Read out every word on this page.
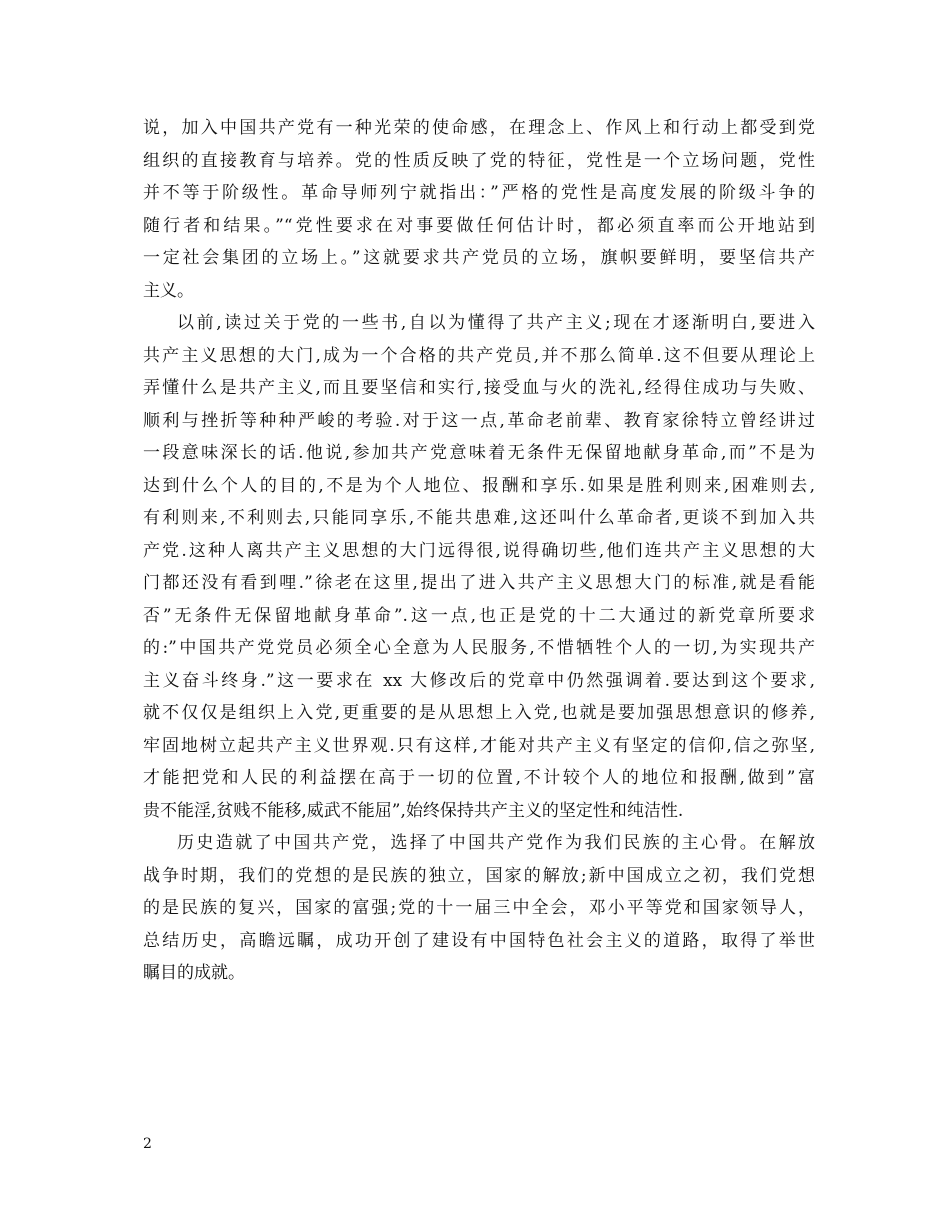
说，加入中国共产党有一种光荣的使命感，在理念上、作风上和行动上都受到党
组织的直接教育与培养。党的性质反映了党的特征，党性是一个立场问题，党性
并不等于阶级性。革命导师列宁就指出：”严格的党性是高度发展的阶级斗争的
随行者和结果。”“党性要求在对事要做任何估计时，都必须直率而公开地站到
一定社会集团的立场上。”这就要求共产党员的立场，旗帜要鲜明，要坚信共产
主义。
以前,读过关于党的一些书,自以为懂得了共产主义;现在才逐渐明白,要进入
共产主义思想的大门,成为一个合格的共产党员,并不那么简单.这不但要从理论上
弄懂什么是共产主义,而且要坚信和实行,接受血与火的洗礼,经得住成功与失败、
顺利与挫折等种种严峻的考验.对于这一点,革命老前辈、教育家徐特立曾经讲过
一段意味深长的话.他说,参加共产党意味着无条件无保留地献身革命,而”不是为
达到什么个人的目的,不是为个人地位、报酬和享乐.如果是胜利则来,困难则去,
有利则来,不利则去,只能同享乐,不能共患难,这还叫什么革命者,更谈不到加入共
产党.这种人离共产主义思想的大门远得很,说得确切些,他们连共产主义思想的大
门都还没有看到哩.”徐老在这里,提出了进入共产主义思想大门的标准,就是看能
否”无条件无保留地献身革命”.这一点,也正是党的十二大通过的新党章所要求
的:”中国共产党党员必须全心全意为人民服务,不惜牺牲个人的一切,为实现共产
主义奋斗终身.”这一要求在 xx 大修改后的党章中仍然强调着.要达到这个要求,
就不仅仅是组织上入党,更重要的是从思想上入党,也就是要加强思想意识的修养,
牢固地树立起共产主义世界观.只有这样,才能对共产主义有坚定的信仰,信之弥坚,
才能把党和人民的利益摆在高于一切的位置,不计较个人的地位和报酬,做到”富
贵不能淫,贫贱不能移,威武不能屈”,始终保持共产主义的坚定性和纯洁性.
历史造就了中国共产党，选择了中国共产党作为我们民族的主心骨。在解放
战争时期，我们的党想的是民族的独立，国家的解放;新中国成立之初，我们党想
的是民族的复兴，国家的富强;党的十一届三中全会，邓小平等党和国家领导人，
总结历史，高瞻远瞩，成功开创了建设有中国特色社会主义的道路，取得了举世
瞩目的成就。
2
